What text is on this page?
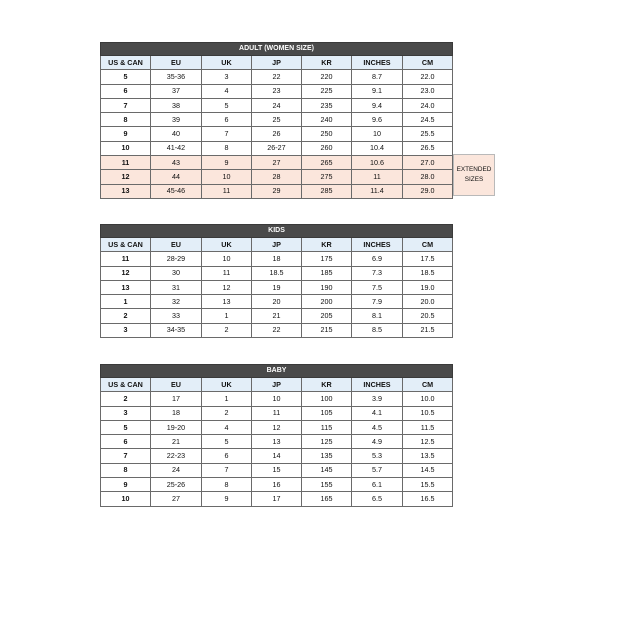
ADULT (WOMEN SIZE)						
US & CAN	EU	UK	JP	KR	INCHES	CM
5	35-36	3	22	220	8.7	22.0
6	37	4	23	225	9.1	23.0
7	38	5	24	235	9.4	24.0
8	39	6	25	240	9.6	24.5
9	40	7	26	250	10	25.5
10	41-42	8	26-27	260	10.4	26.5
11	43	9	27	265	10.6	27.0
12	44	10	28	275	11	28.0
13	45-46	11	29	285	11.4	29.0
EXTENDED SIZES
KIDS						
US & CAN	EU	UK	JP	KR	INCHES	CM
11	28-29	10	18	175	6.9	17.5
12	30	11	18.5	185	7.3	18.5
13	31	12	19	190	7.5	19.0
1	32	13	20	200	7.9	20.0
2	33	1	21	205	8.1	20.5
3	34-35	2	22	215	8.5	21.5
BABY						
US & CAN	EU	UK	JP	KR	INCHES	CM
2	17	1	10	100	3.9	10.0
3	18	2	11	105	4.1	10.5
5	19-20	4	12	115	4.5	11.5
6	21	5	13	125	4.9	12.5
7	22-23	6	14	135	5.3	13.5
8	24	7	15	145	5.7	14.5
9	25-26	8	16	155	6.1	15.5
10	27	9	17	165	6.5	16.5
